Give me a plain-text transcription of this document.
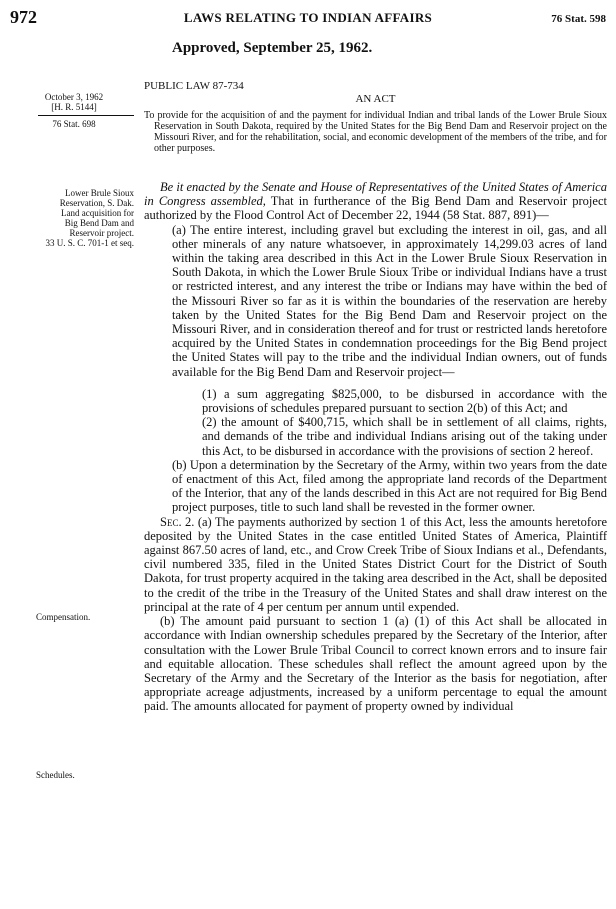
972	LAWS RELATING TO INDIAN AFFAIRS	76 Stat. 598
Approved, September 25, 1962.
October 3, 1962
[H. R. 5144]
76 Stat. 698
Lower Brule Sioux
Reservation, S. Dak.
Land acquisition for
Big Bend Dam and
Reservoir project.
33 U. S. C. 701-1 et seq.
Compensation.
Schedules.
PUBLIC LAW 87-734
AN ACT

To provide for the acquisition of and the payment for individual Indian and tribal lands of the Lower Brule Sioux Reservation in South Dakota, required by the United States for the Big Bend Dam and Reservoir project on the Missouri River, and for the rehabilitation, social, and economic development of the members of the tribe, and for other purposes.

Be it enacted by the Senate and House of Representatives of the United States of America in Congress assembled, That in furtherance of the Big Bend Dam and Reservoir project authorized by the Flood Control Act of December 22, 1944 (58 Stat. 887, 891)—

(a) The entire interest, including gravel but excluding the interest in oil, gas, and all other minerals of any nature whatsoever, in approximately 14,299.03 acres of land within the taking area described in this Act in the Lower Brule Sioux Reservation in South Dakota, in which the Lower Brule Sioux Tribe or individual Indians have a trust or restricted interest, and any interest the tribe or Indians may have within the bed of the Missouri River so far as it is within the boundaries of the reservation are hereby taken by the United States for the Big Bend Dam and Reservoir project on the Missouri River, and in consideration thereof and for trust or restricted lands heretofore acquired by the United States in condemnation proceedings for the Big Bend project the United States will pay to the tribe and the individual Indian owners, out of funds available for the Big Bend Dam and Reservoir project—

(1) a sum aggregating $825,000, to be disbursed in accordance with the provisions of schedules prepared pursuant to section 2(b) of this Act; and

(2) the amount of $400,715, which shall be in settlement of all claims, rights, and demands of the tribe and individual Indians arising out of the taking under this Act, to be disbursed in accordance with the provisions of section 2 hereof.

(b) Upon a determination by the Secretary of the Army, within two years from the date of enactment of this Act, filed among the appropriate land records of the Department of the Interior, that any of the lands described in this Act are not required for Big Bend project purposes, title to such land shall be revested in the former owner.

Sec. 2. (a) The payments authorized by section 1 of this Act, less the amounts heretofore deposited by the United States in the case entitled United States of America, Plaintiff against 867.50 acres of land, etc., and Crow Creek Tribe of Sioux Indians et al., Defendants, civil numbered 335, filed in the United States District Court for the District of South Dakota, for trust property acquired in the taking area described in the Act, shall be deposited to the credit of the tribe in the Treasury of the United States and shall draw interest on the principal at the rate of 4 per centum per annum until expended.

(b) The amount paid pursuant to section 1 (a) (1) of this Act shall be allocated in accordance with Indian ownership schedules prepared by the Secretary of the Interior, after consultation with the Lower Brule Tribal Council to correct known errors and to insure fair and equitable allocation. These schedules shall reflect the amount agreed upon by the Secretary of the Army and the Secretary of the Interior as the basis for negotiation, after appropriate acreage adjustments, increased by a uniform percentage to equal the amount paid. The amounts allocated for payment of property owned by individual
